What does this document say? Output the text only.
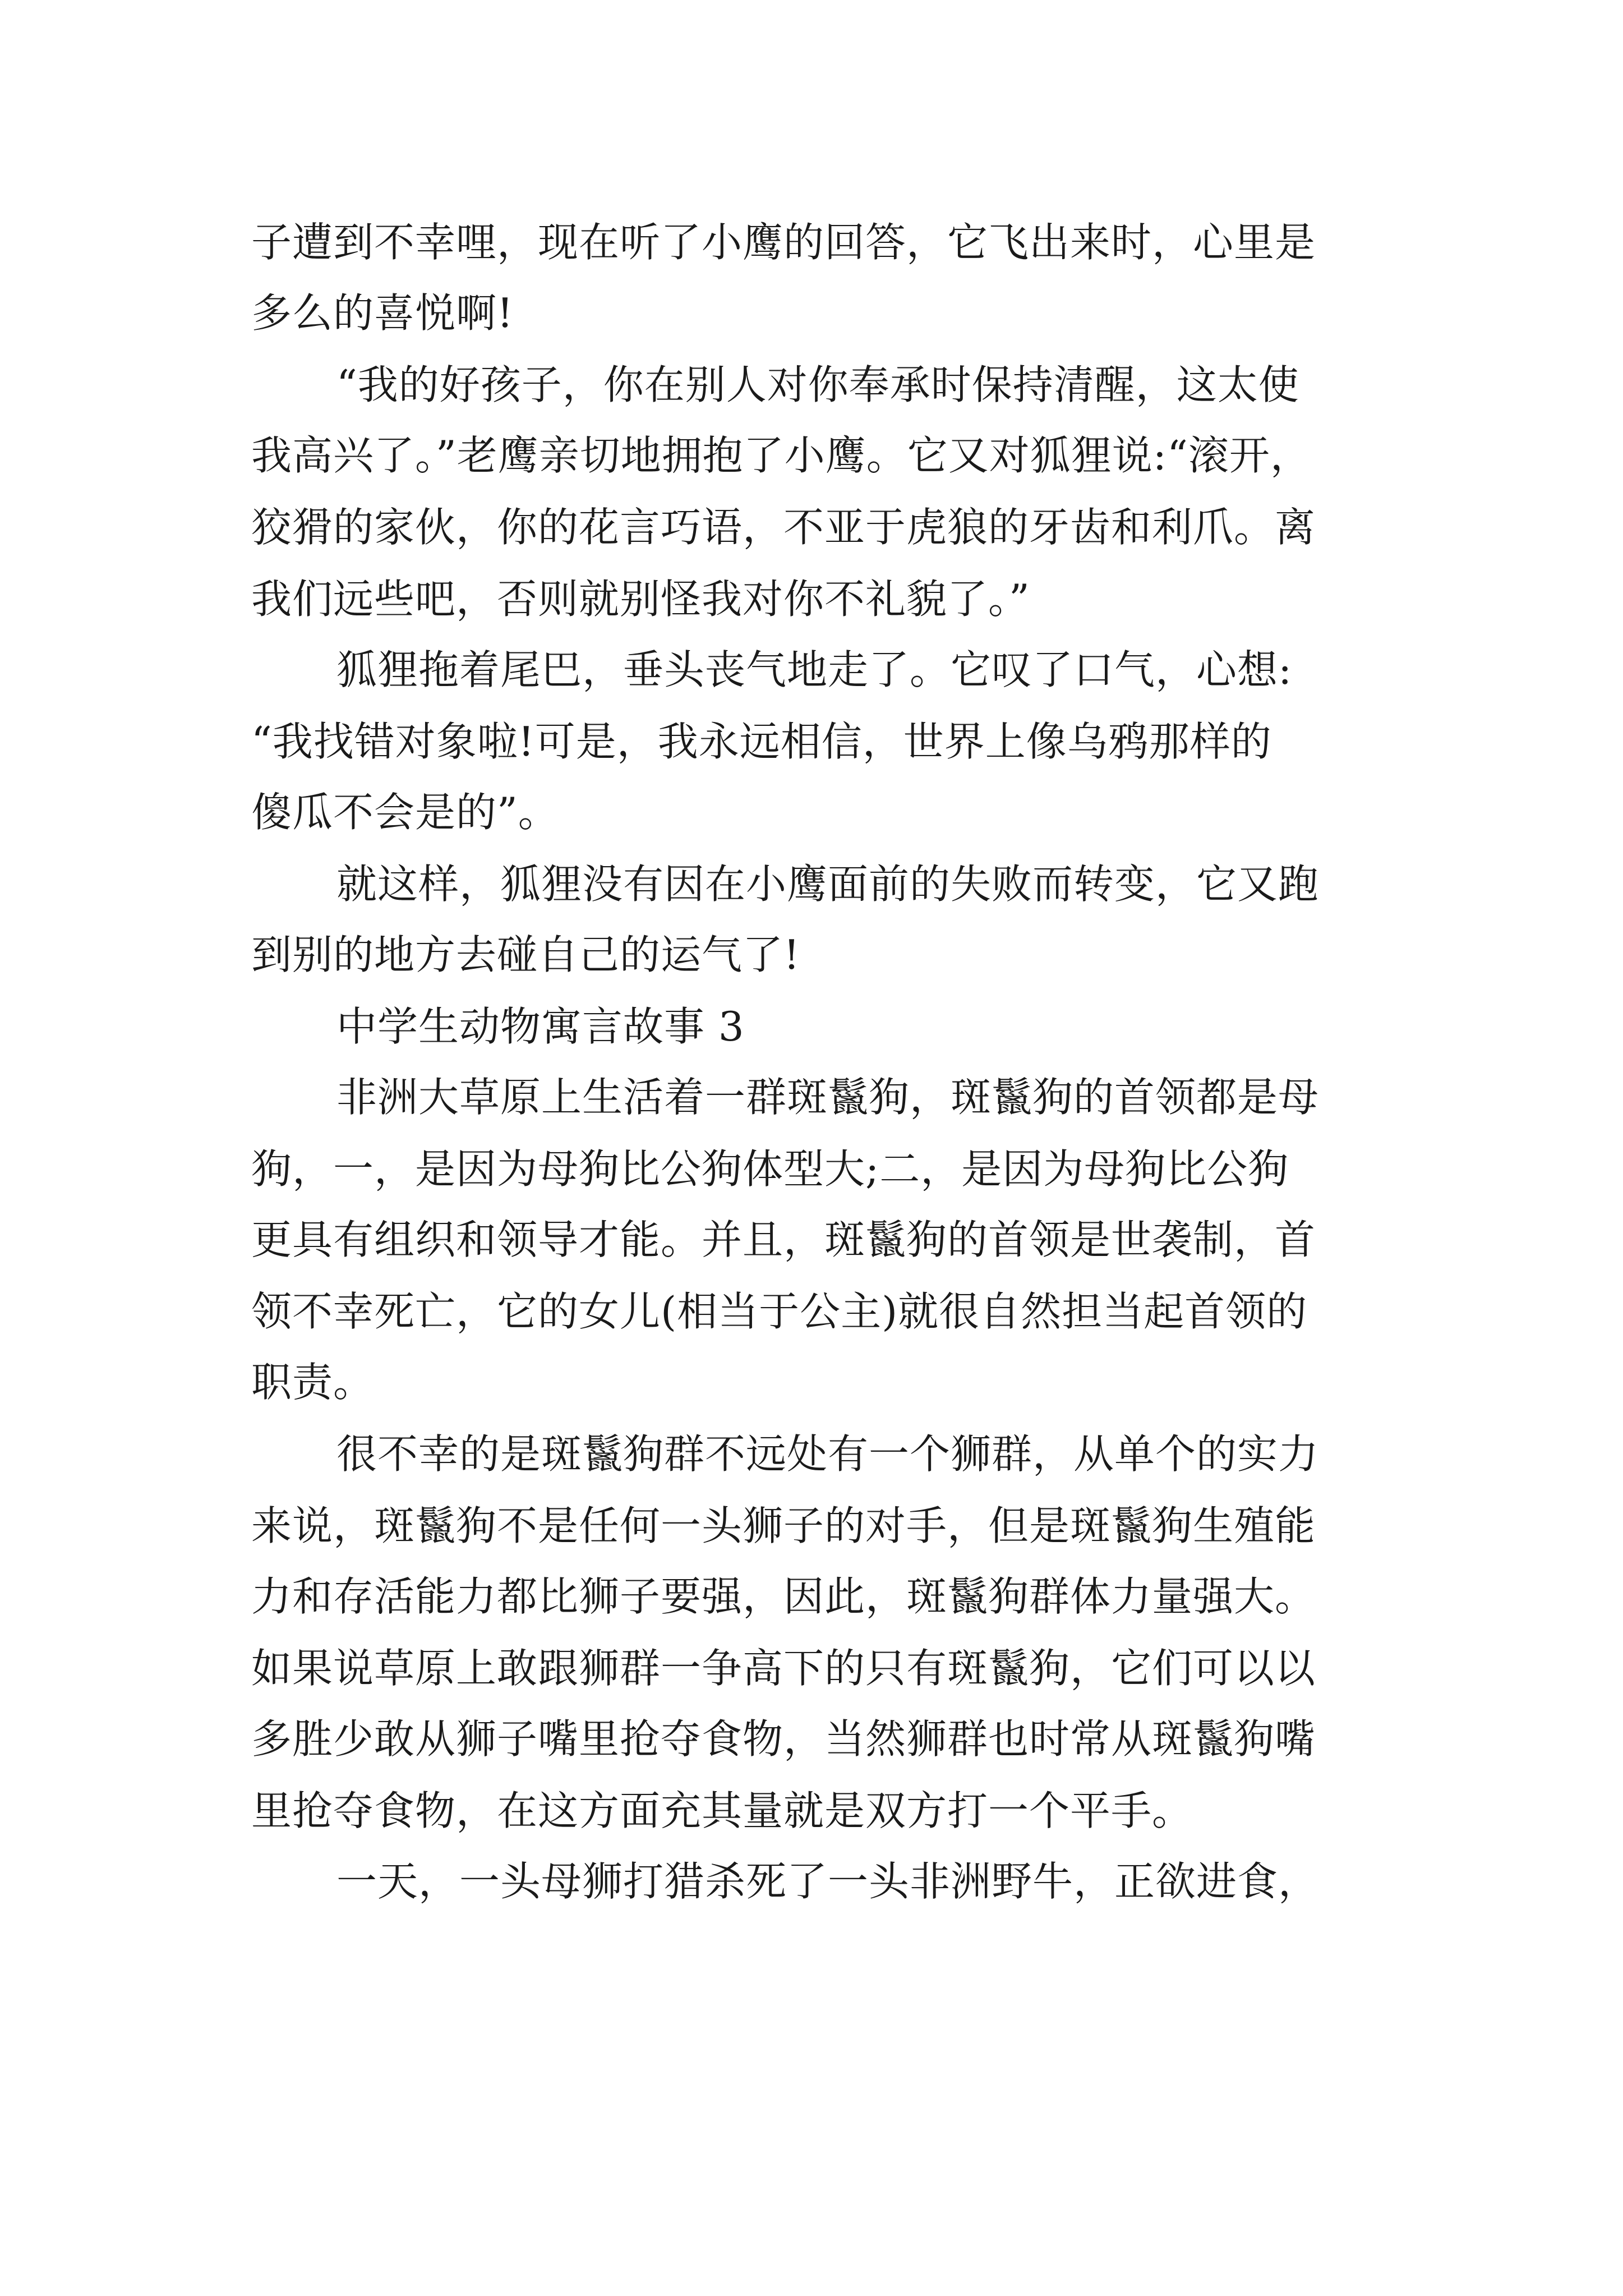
子遭到不幸哩，现在听了小鹰的回答，它飞出来时，心里是

多么的喜悦啊!

“我的好孩子，你在别人对你奉承时保持清醒，这太使

我高兴了。”老鹰亲切地拥抱了小鹰。它又对狐狸说:“滚开，

狡猾的家伙，你的花言巧语，不亚于虎狼的牙齿和利爪。离

我们远些吧，否则就别怪我对你不礼貌了。”

狐狸拖着尾巴，垂头丧气地走了。它叹了口气，心想:

“我找错对象啦!可是，我永远相信，世界上像乌鸦那样的

傻瓜不会是的”。

就这样，狐狸没有因在小鹰面前的失败而转变，它又跑

到别的地方去碰自己的运气了!

中学生动物寓言故事 3

非洲大草原上生活着一群斑鬣狗，斑鬣狗的首领都是母

狗，一，是因为母狗比公狗体型大;二，是因为母狗比公狗

更具有组织和领导才能。并且，斑鬣狗的首领是世袭制，首

领不幸死亡，它的女儿(相当于公主)就很自然担当起首领的

职责。

很不幸的是斑鬣狗群不远处有一个狮群，从单个的实力

来说，斑鬣狗不是任何一头狮子的对手，但是斑鬣狗生殖能

力和存活能力都比狮子要强，因此，斑鬣狗群体力量强大。

如果说草原上敢跟狮群一争高下的只有斑鬣狗，它们可以以

多胜少敢从狮子嘴里抢夺食物，当然狮群也时常从斑鬣狗嘴

里抢夺食物，在这方面充其量就是双方打一个平手。

一天，一头母狮打猎杀死了一头非洲野牛，正欲进食，
